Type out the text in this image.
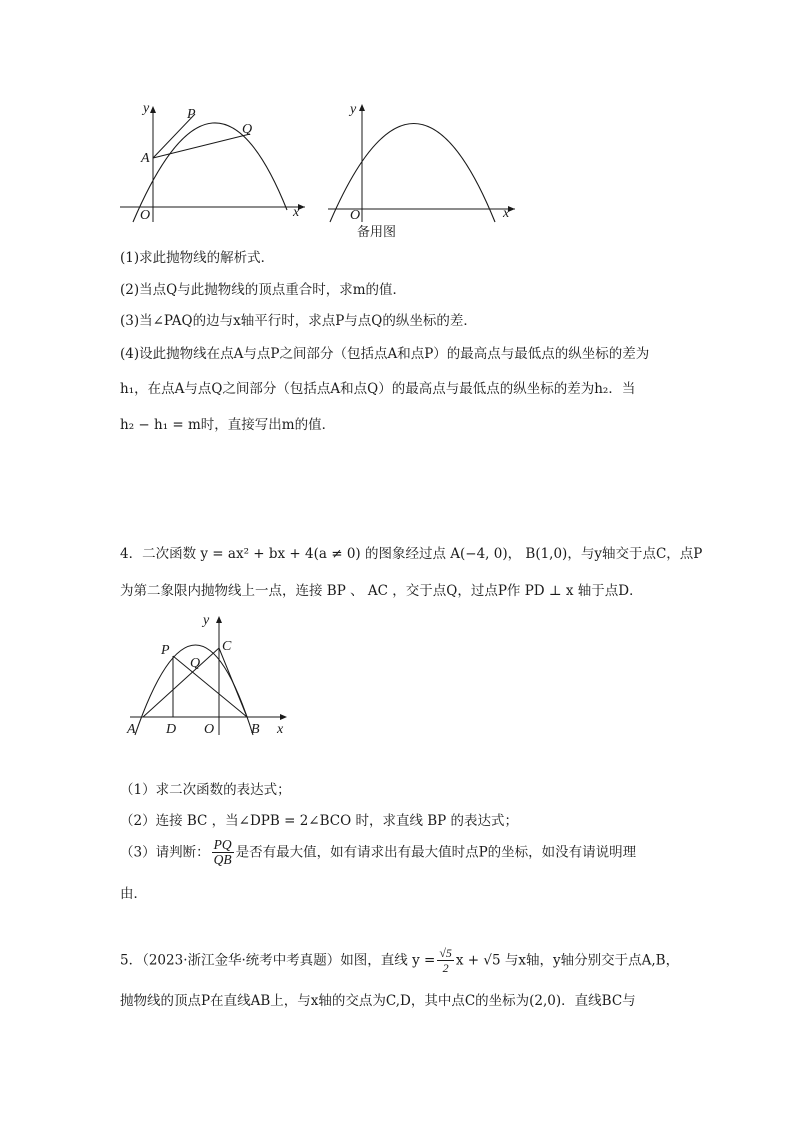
y	P
Q
A
O	x
y
O	x
备用图
(1)求此抛物线的解析式．
(2)当点Q与此抛物线的顶点重合时，求m的值．
(3)当∠PAQ的边与x轴平行时，求点P与点Q的纵坐标的差．
(4)设此抛物线在点A与点P之间部分（包括点A和点P）的最高点与最低点的纵坐标的差为
h₁，在点A与点Q之间部分（包括点A和点Q）的最高点与最低点的纵坐标的差为h₂．当
h₂ − h₁ = m时，直接写出m的值．
4．二次函数 y = ax² + bx + 4(a ≠ 0) 的图象经过点 A(−4, 0)， B(1,0)，与y轴交于点C，点P
为第二象限内抛物线上一点，连接 BP 、 AC ，交于点Q，过点P作 PD ⊥ x 轴于点D．
y
P	C
Q
A D O	B x
（1）求二次函数的表达式；
（2）连接 BC ，当∠DPB = 2∠BCO 时，求直线 BP 的表达式；
（3）请判断： $\frac{PQ}{QB}$ 是否有最大值，如有请求出有最大值时点P的坐标，如没有请说明理
由．
5．（2023·浙江金华·统考中考真题）如图，直线 $y = \frac{√5}{2}$ x + √5 与x轴，y轴分别交于点A,B，
抛物线的顶点P在直线AB上，与x轴的交点为C,D，其中点C的坐标为(2,0)．直线BC与
